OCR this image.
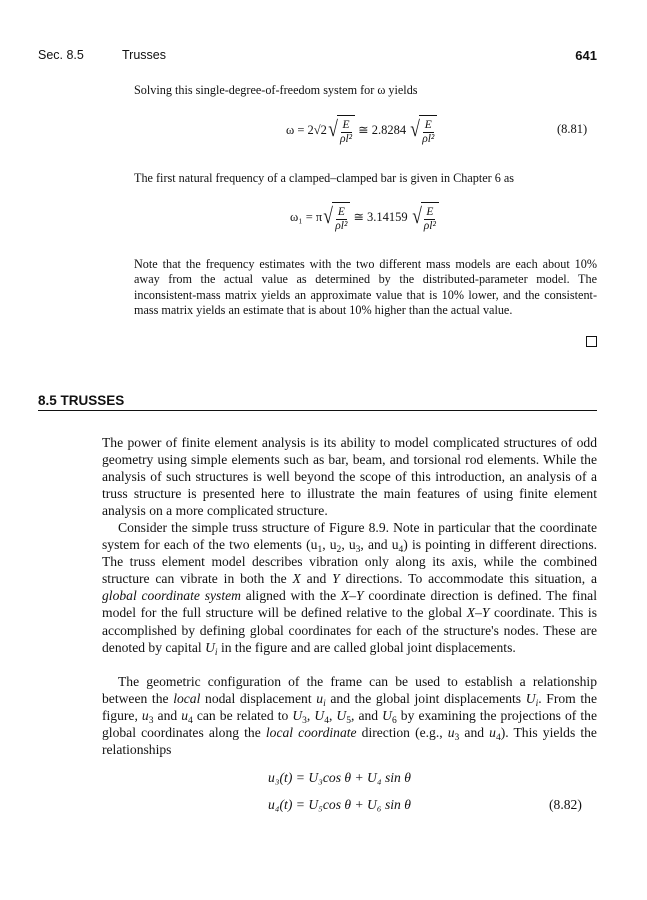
Sec. 8.5	Trusses	641
Solving this single-degree-of-freedom system for ω yields
ω = 2√2 √ $\frac{E}{\text{ρl²}}$ ≅ 2.8284 √ $\frac{E}{\text{ρl²}}$	(8.81)
The first natural frequency of a clamped–clamped bar is given in Chapter 6 as
ω₁ = π √ $\frac{E}{\text{ρl²}}$ ≅ 3.14159 √ $\frac{E}{\text{ρl²}}$
Note that the frequency estimates with the two different mass models are each about 10% away from the actual value as determined by the distributed-parameter model. The inconsistent-mass matrix yields an approximate value that is 10% lower, and the consistent-mass matrix yields an estimate that is about 10% higher than the actual value.
8.5 TRUSSES
The power of finite element analysis is its ability to model complicated structures of odd geometry using simple elements such as bar, beam, and torsional rod elements. While the analysis of such structures is well beyond the scope of this introduction, an analysis of a truss structure is presented here to illustrate the main features of using finite element analysis on a more complicated structure.
Consider the simple truss structure of Figure 8.9. Note in particular that the coordinate system for each of the two elements ($u_1$, $u_2$, $u_3$, and $u_4$) is pointing in different directions. The truss element model describes vibration only along its axis, while the combined structure can vibrate in both the X and Y directions. To accommodate this situation, a global coordinate system aligned with the X–Y coordinate direction is defined. The final model for the full structure will be defined relative to the global X–Y coordinate. This is accomplished by defining global coordinates for each of the structure's nodes. These are denoted by capital $U_i$ in the figure and are called global joint displacements.
The geometric configuration of the frame can be used to establish a relationship between the local nodal displacement $u_i$ and the global joint displacements $U_i$. From the figure, $u_3$ and $u_4$ can be related to $U_3$, $U_4$, $U_5$, and $U_6$ by examining the projections of the global coordinates along the local coordinate direction (e.g., $u_3$ and $u_4$). This yields the relationships
u₃(t) = U₃cos θ + U₄ sin θ
u₄(t) = U₅cos θ + U₆ sin θ	(8.82)
